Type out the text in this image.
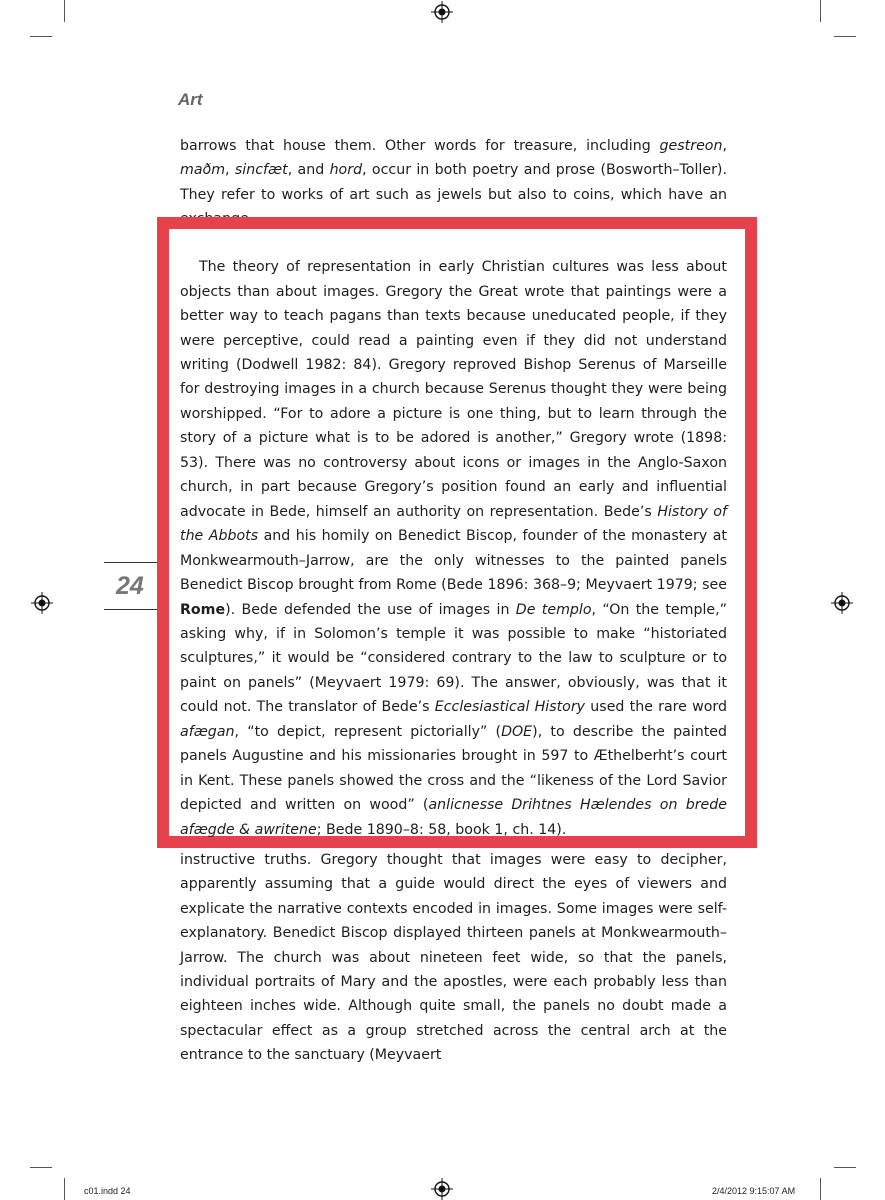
Art
24

barrows that house them. Other words for treasure, including gestreon, maðm, sincfæt, and hord, occur in both poetry and prose (Bosworth–Toller). They refer to works of art such as jewels but also to coins, which have an

The theory of representation in early Christian cultures was less about objects than about images. Gregory the Great wrote that paintings were a better way to teach pagans than texts because uneducated people, if they were perceptive, could read a painting even if they did not understand writing (Dodwell 1982: 84). Gregory reproved Bishop Serenus of Marseille for destroying images in a church because Serenus thought they were being worshipped. “For to adore a picture is one thing, but to learn through the story of a picture what is to be adored is another,” Gregory wrote (1898: 53). There was no controversy about icons or images in the Anglo-Saxon church, in part because Gregory’s position found an early and influential advocate in Bede, himself an authority on representation. Bede’s History of the Abbots and his homily on Benedict Biscop, founder of the monastery at Monkwearmouth–Jarrow, are the only witnesses to the painted panels Benedict Biscop brought from Rome (Bede 1896: 368–9; Meyvaert 1979; see Rome). Bede defended the use of images in De templo, “On the temple,” asking why, if in Solomon’s temple it was possible to make “historiated sculptures,” it would be “considered contrary to the law to sculpture or to paint on panels” (Meyvaert 1979: 69). The answer, obviously, was that it could not. The translator of Bede’s Ecclesiastical History used the rare word afægan, “to depict, represent pictorially” (DOE), to describe the painted panels Augustine and his missionaries brought in 597 to Æthelberht’s court in Kent. These panels showed the cross and the “likeness of the Lord Savior depicted and written on wood” (anlicnesse Drihtnes Hælendes on brede afægde & awritene; Bede 1890–8: 58, book 1, ch. 14).

instructive truths. Gregory thought that images were easy to decipher, apparently assuming that a guide would direct the eyes of viewers and explicate the narrative contexts encoded in images. Some images were self-explanatory. Benedict Biscop displayed thirteen panels at Monkwearmouth–Jarrow. The church was about nineteen feet wide, so that the panels, individual portraits of Mary and the apostles, were each probably less than eighteen inches wide. Although quite small, the panels no doubt made a spectacular effect as a group stretched across the central arch at the entrance to the sanctuary (Meyvaert

c01.indd 24	2/4/2012 9:15:07 AM
